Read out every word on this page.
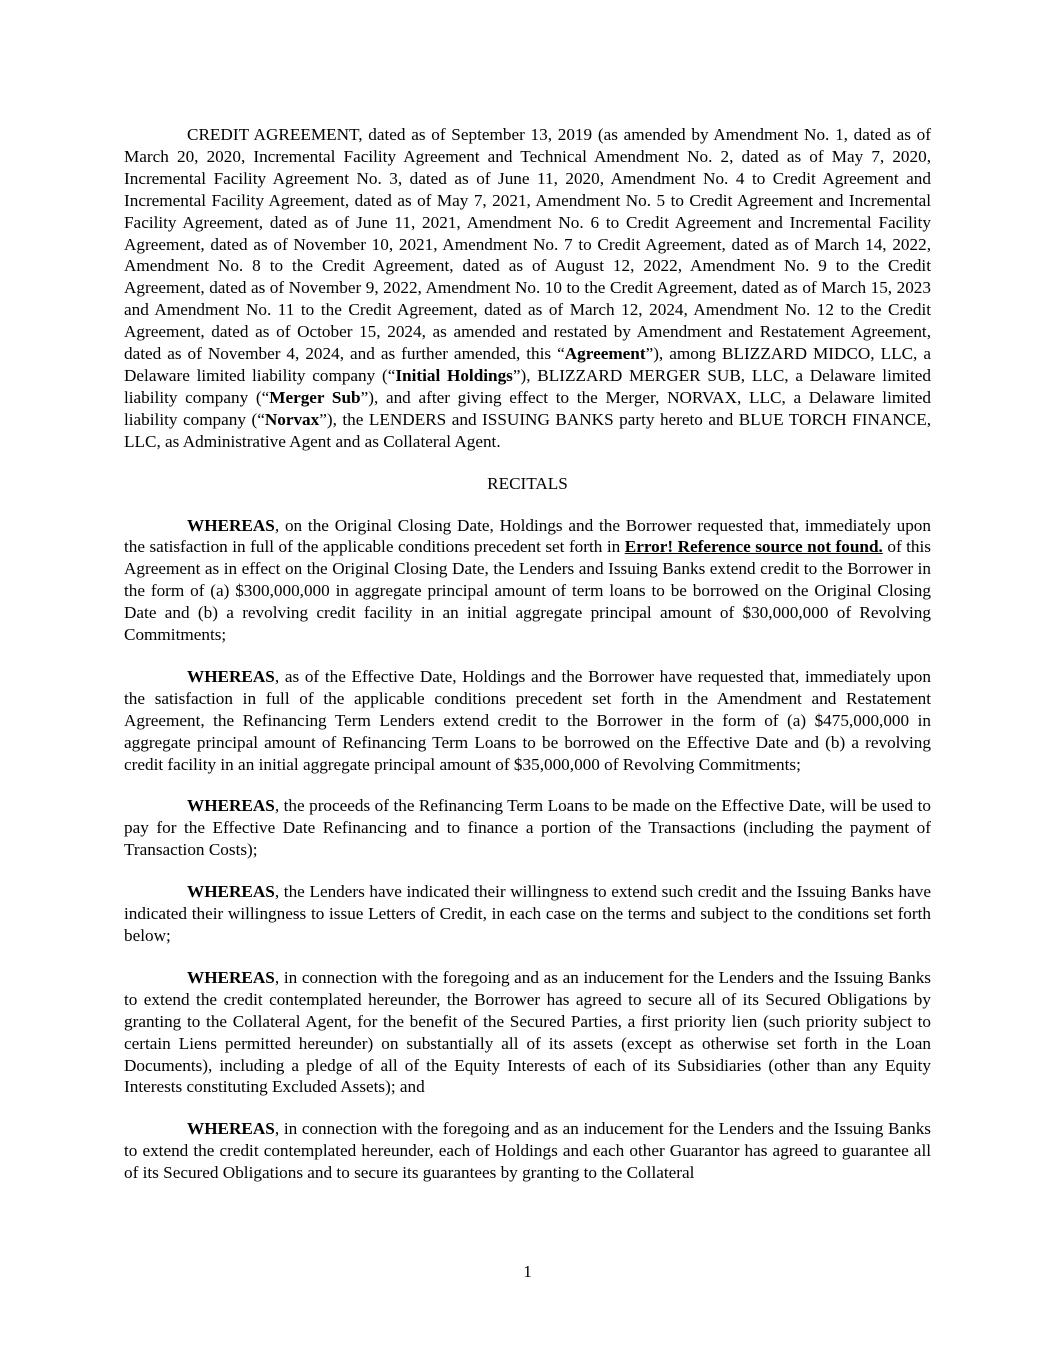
CREDIT AGREEMENT, dated as of September 13, 2019 (as amended by Amendment No. 1, dated as of March 20, 2020, Incremental Facility Agreement and Technical Amendment No. 2, dated as of May 7, 2020, Incremental Facility Agreement No. 3, dated as of June 11, 2020, Amendment No. 4 to Credit Agreement and Incremental Facility Agreement, dated as of May 7, 2021, Amendment No. 5 to Credit Agreement and Incremental Facility Agreement, dated as of June 11, 2021, Amendment No. 6 to Credit Agreement and Incremental Facility Agreement, dated as of November 10, 2021, Amendment No. 7 to Credit Agreement, dated as of March 14, 2022, Amendment No. 8 to the Credit Agreement, dated as of August 12, 2022, Amendment No. 9 to the Credit Agreement, dated as of November 9, 2022, Amendment No. 10 to the Credit Agreement, dated as of March 15, 2023 and Amendment No. 11 to the Credit Agreement, dated as of March 12, 2024, Amendment No. 12 to the Credit Agreement, dated as of October 15, 2024, as amended and restated by Amendment and Restatement Agreement, dated as of November 4, 2024, and as further amended, this “Agreement”), among BLIZZARD MIDCO, LLC, a Delaware limited liability company (“Initial Holdings”), BLIZZARD MERGER SUB, LLC, a Delaware limited liability company (“Merger Sub”), and after giving effect to the Merger, NORVAX, LLC, a Delaware limited liability company (“Norvax”), the LENDERS and ISSUING BANKS party hereto and BLUE TORCH FINANCE, LLC, as Administrative Agent and as Collateral Agent.

RECITALS

WHEREAS, on the Original Closing Date, Holdings and the Borrower requested that, immediately upon the satisfaction in full of the applicable conditions precedent set forth in Error! Reference source not found. of this Agreement as in effect on the Original Closing Date, the Lenders and Issuing Banks extend credit to the Borrower in the form of (a) $300,000,000 in aggregate principal amount of term loans to be borrowed on the Original Closing Date and (b) a revolving credit facility in an initial aggregate principal amount of $30,000,000 of Revolving Commitments;

WHEREAS, as of the Effective Date, Holdings and the Borrower have requested that, immediately upon the satisfaction in full of the applicable conditions precedent set forth in the Amendment and Restatement Agreement, the Refinancing Term Lenders extend credit to the Borrower in the form of (a) $475,000,000 in aggregate principal amount of Refinancing Term Loans to be borrowed on the Effective Date and (b) a revolving credit facility in an initial aggregate principal amount of $35,000,000 of Revolving Commitments;

WHEREAS, the proceeds of the Refinancing Term Loans to be made on the Effective Date, will be used to pay for the Effective Date Refinancing and to finance a portion of the Transactions (including the payment of Transaction Costs);

WHEREAS, the Lenders have indicated their willingness to extend such credit and the Issuing Banks have indicated their willingness to issue Letters of Credit, in each case on the terms and subject to the conditions set forth below;

WHEREAS, in connection with the foregoing and as an inducement for the Lenders and the Issuing Banks to extend the credit contemplated hereunder, the Borrower has agreed to secure all of its Secured Obligations by granting to the Collateral Agent, for the benefit of the Secured Parties, a first priority lien (such priority subject to certain Liens permitted hereunder) on substantially all of its assets (except as otherwise set forth in the Loan Documents), including a pledge of all of the Equity Interests of each of its Subsidiaries (other than any Equity Interests constituting Excluded Assets); and

WHEREAS, in connection with the foregoing and as an inducement for the Lenders and the Issuing Banks to extend the credit contemplated hereunder, each of Holdings and each other Guarantor has agreed to guarantee all of its Secured Obligations and to secure its guarantees by granting to the Collateral

1
